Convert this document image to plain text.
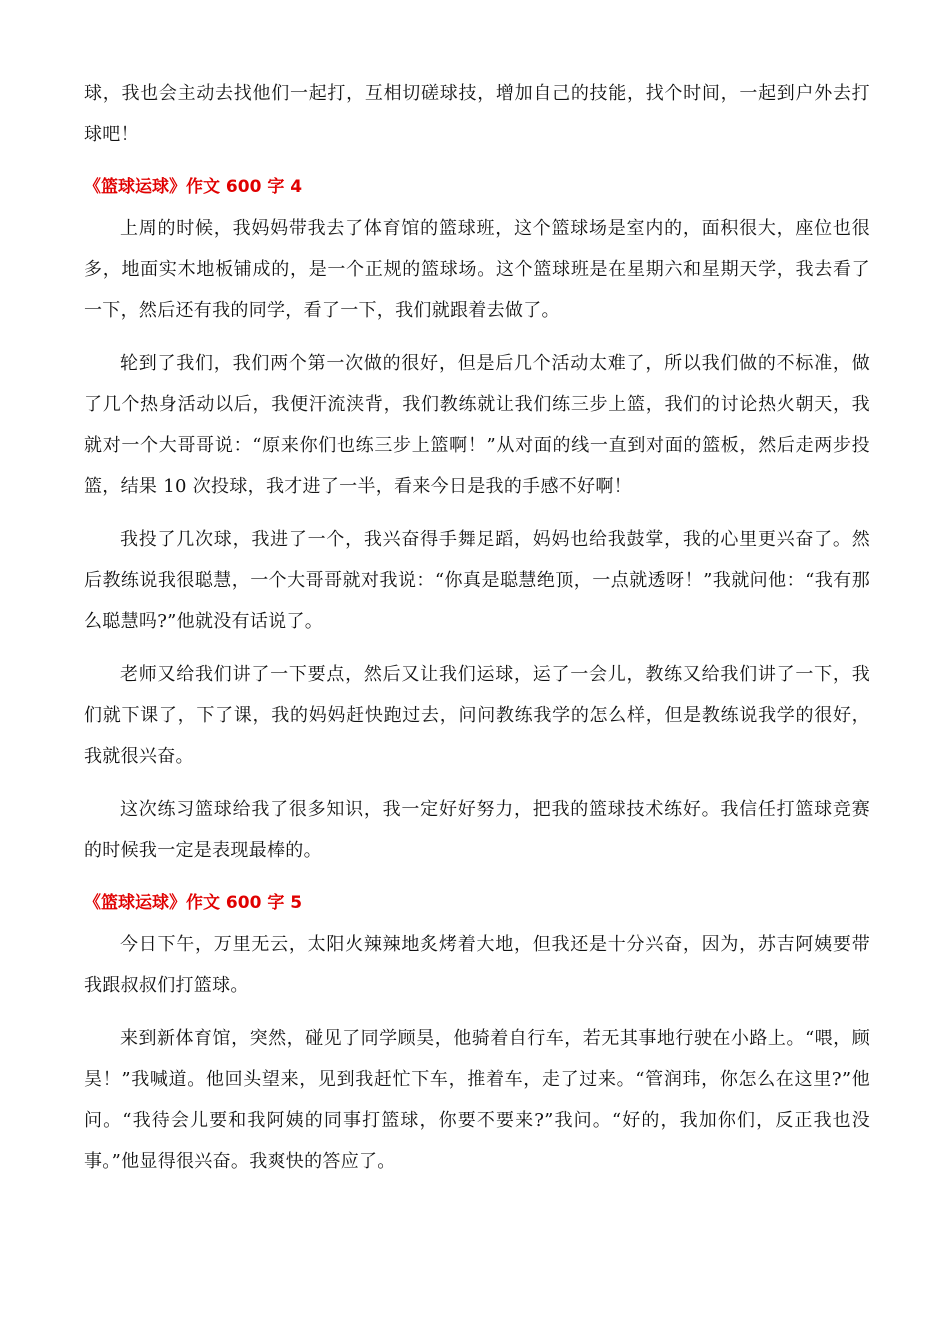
球，我也会主动去找他们一起打，互相切磋球技，增加自己的技能，找个时间，一起到户外去打球吧！

《篮球运球》作文 600 字 4

上周的时候，我妈妈带我去了体育馆的篮球班，这个篮球场是室内的，面积很大，座位也很多，地面实木地板铺成的，是一个正规的篮球场。这个篮球班是在星期六和星期天学，我去看了一下，然后还有我的同学，看了一下，我们就跟着去做了。

轮到了我们，我们两个第一次做的很好，但是后几个活动太难了，所以我们做的不标准，做了几个热身活动以后，我便汗流浃背，我们教练就让我们练三步上篮，我们的讨论热火朝天，我就对一个大哥哥说：“原来你们也练三步上篮啊！”从对面的线一直到对面的篮板，然后走两步投篮，结果 10 次投球，我才进了一半，看来今日是我的手感不好啊！

我投了几次球，我进了一个，我兴奋得手舞足蹈，妈妈也给我鼓掌，我的心里更兴奋了。然后教练说我很聪慧，一个大哥哥就对我说：“你真是聪慧绝顶，一点就透呀！”我就问他：“我有那么聪慧吗?”他就没有话说了。

老师又给我们讲了一下要点，然后又让我们运球，运了一会儿，教练又给我们讲了一下，我们就下课了，下了课，我的妈妈赶快跑过去，问问教练我学的怎么样，但是教练说我学的很好，我就很兴奋。

这次练习篮球给我了很多知识，我一定好好努力，把我的篮球技术练好。我信任打篮球竞赛的时候我一定是表现最棒的。

《篮球运球》作文 600 字 5

今日下午，万里无云，太阳火辣辣地炙烤着大地，但我还是十分兴奋，因为，苏吉阿姨要带我跟叔叔们打篮球。

来到新体育馆，突然，碰见了同学顾昊，他骑着自行车，若无其事地行驶在小路上。“喂，顾昊！”我喊道。他回头望来，见到我赶忙下车，推着车，走了过来。“管润玮，你怎么在这里?”他问。“我待会儿要和我阿姨的同事打篮球，你要不要来?”我问。“好的，我加你们，反正我也没事。”他显得很兴奋。我爽快的答应了。
